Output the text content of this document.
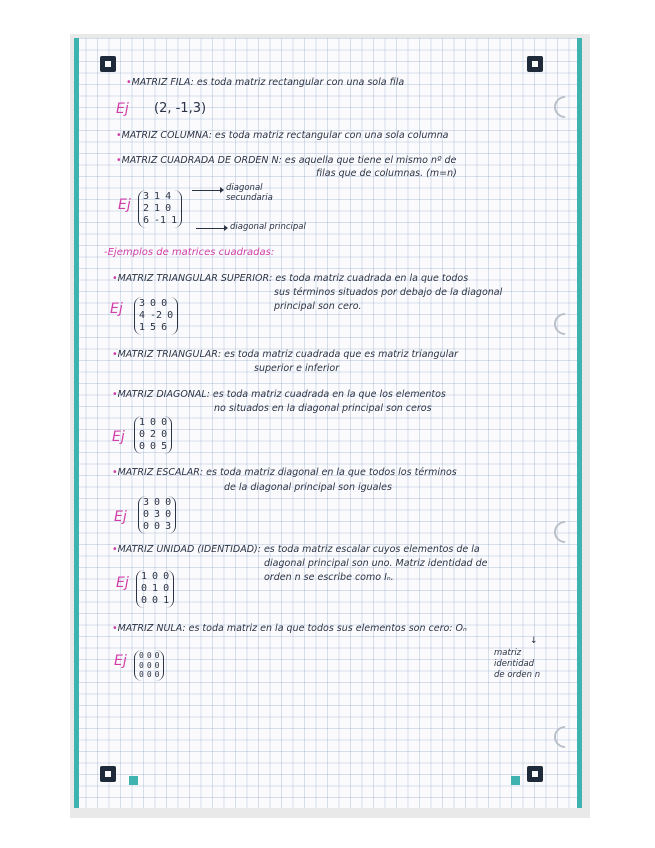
•MATRIZ FILA: es toda matriz rectangular con una sola fila
Ej (2, -1,3)
•MATRIZ COLUMNA: es toda matriz rectangular con una sola columna
•MATRIZ CUADRADA DE ORDEN N: es aquella que tiene el mismo nº de
filas que de columnas. (m=n)
Ej
3 1 4
2 1 0
6 -1 1
diagonal secundaria
diagonal principal
-Ejemplos de matrices cuadradas:
•MATRIZ TRIANGULAR SUPERIOR: es toda matriz cuadrada en la que todos
sus términos situados por debajo de la diagonal
principal son cero.
Ej 3 0 0
4 -2 0
1 5 6
•MATRIZ TRIANGULAR: es toda matriz cuadrada que es matriz triangular
superior e inferior
•MATRIZ DIAGONAL: es toda matriz cuadrada en la que los elementos
no situados en la diagonal principal son ceros
Ej
1 0 0
0 2 0
0 0 5
•MATRIZ ESCALAR: es toda matriz diagonal en la que todos los términos
de la diagonal principal son iguales
Ej
3 0 0
0 3 0
0 0 3
•MATRIZ UNIDAD (IDENTIDAD): es toda matriz escalar cuyos elementos de la
diagonal principal son uno. Matriz identidad de
orden n se escribe como Iₙ.
Ej 1 0 0
0 1 0
0 0 1
•MATRIZ NULA: es toda matriz en la que todos sus elementos son cero: Oₙ
↓
matriz
identidad
de orden n
Ej 0 0 0
0 0 0
0 0 0
